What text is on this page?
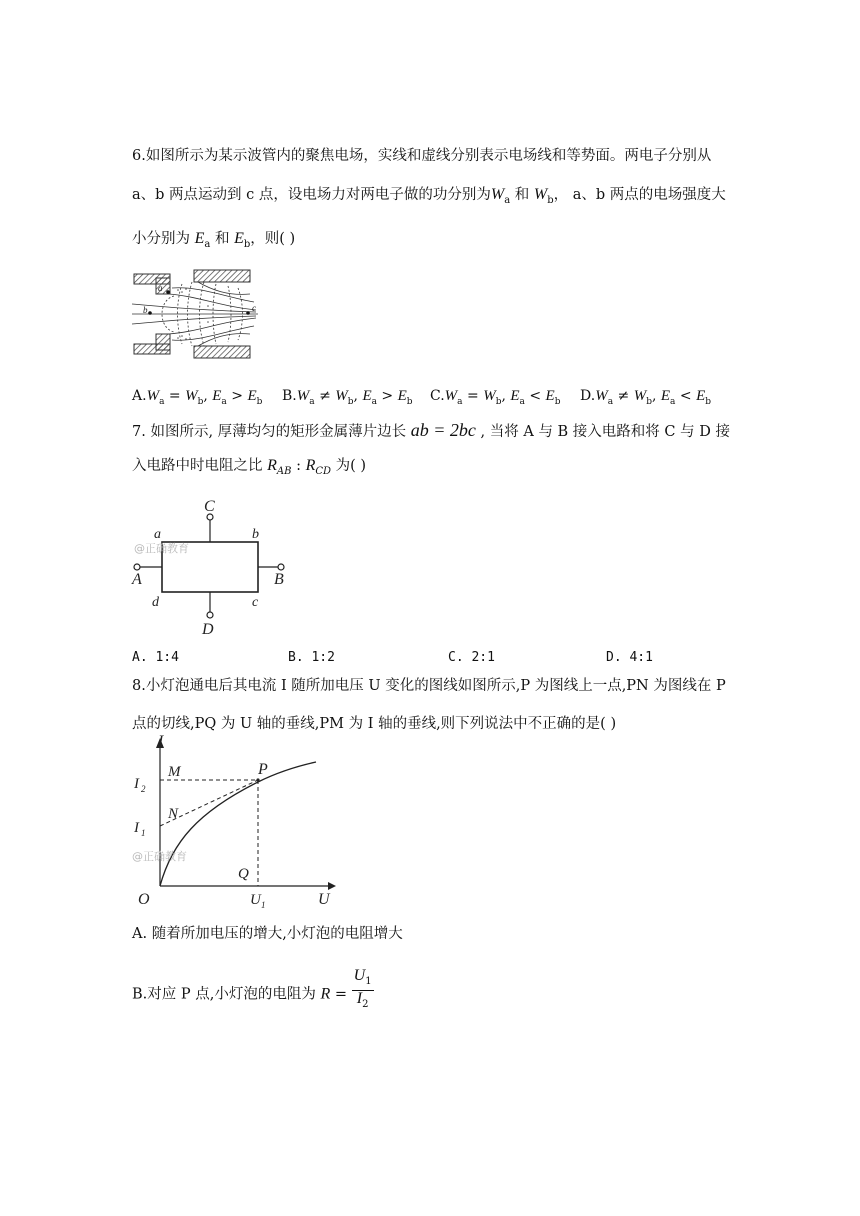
6.如图所示为某示波管内的聚焦电场，实线和虚线分别表示电场线和等势面。两电子分别从
a、b 两点运动到 c 点，设电场力对两电子做的功分别为$W_a$ 和 $W_b$， a、b 两点的电场强度大
小分别为 $E_a$ 和 $E_b$，则( )
a
b	c
$A.W_a = W_b$, $E_a > E_b$ $B.W_a \ne W_b$, $E_a > E_b$ $C.W_a = W_b$, $E_a < E_b$ $D.W_a \ne W_b$, $E_a < E_b$
7. 如图所示, 厚薄均匀的矩形金属薄片边长 ab = 2bc , 当将 A 与 B 接入电路和将 C 与 D 接
入电路中时电阻之比 $R_{AB}$ : $R_{CD}$ 为( )
C
D
A	B
a	b
c
d
@正确教育
A. 1:4	B. 1:2	C. 2:1	D. 4:1
8.小灯泡通电后其电流 I 随所加电压 U 变化的图线如图所示,P 为图线上一点,PN 为图线在 P
点的切线,PQ 为 U 轴的垂线,PM 为 I 轴的垂线,则下列说法中不正确的是( )
I
U
O
M
N
P
Q
I 2
I 1
U 1
@正确教育
A. 随着所加电压的增大,小灯泡的电阻增大
B.对应 P 点,小灯泡的电阻为 $R = \frac{U_1}{I_2}$
